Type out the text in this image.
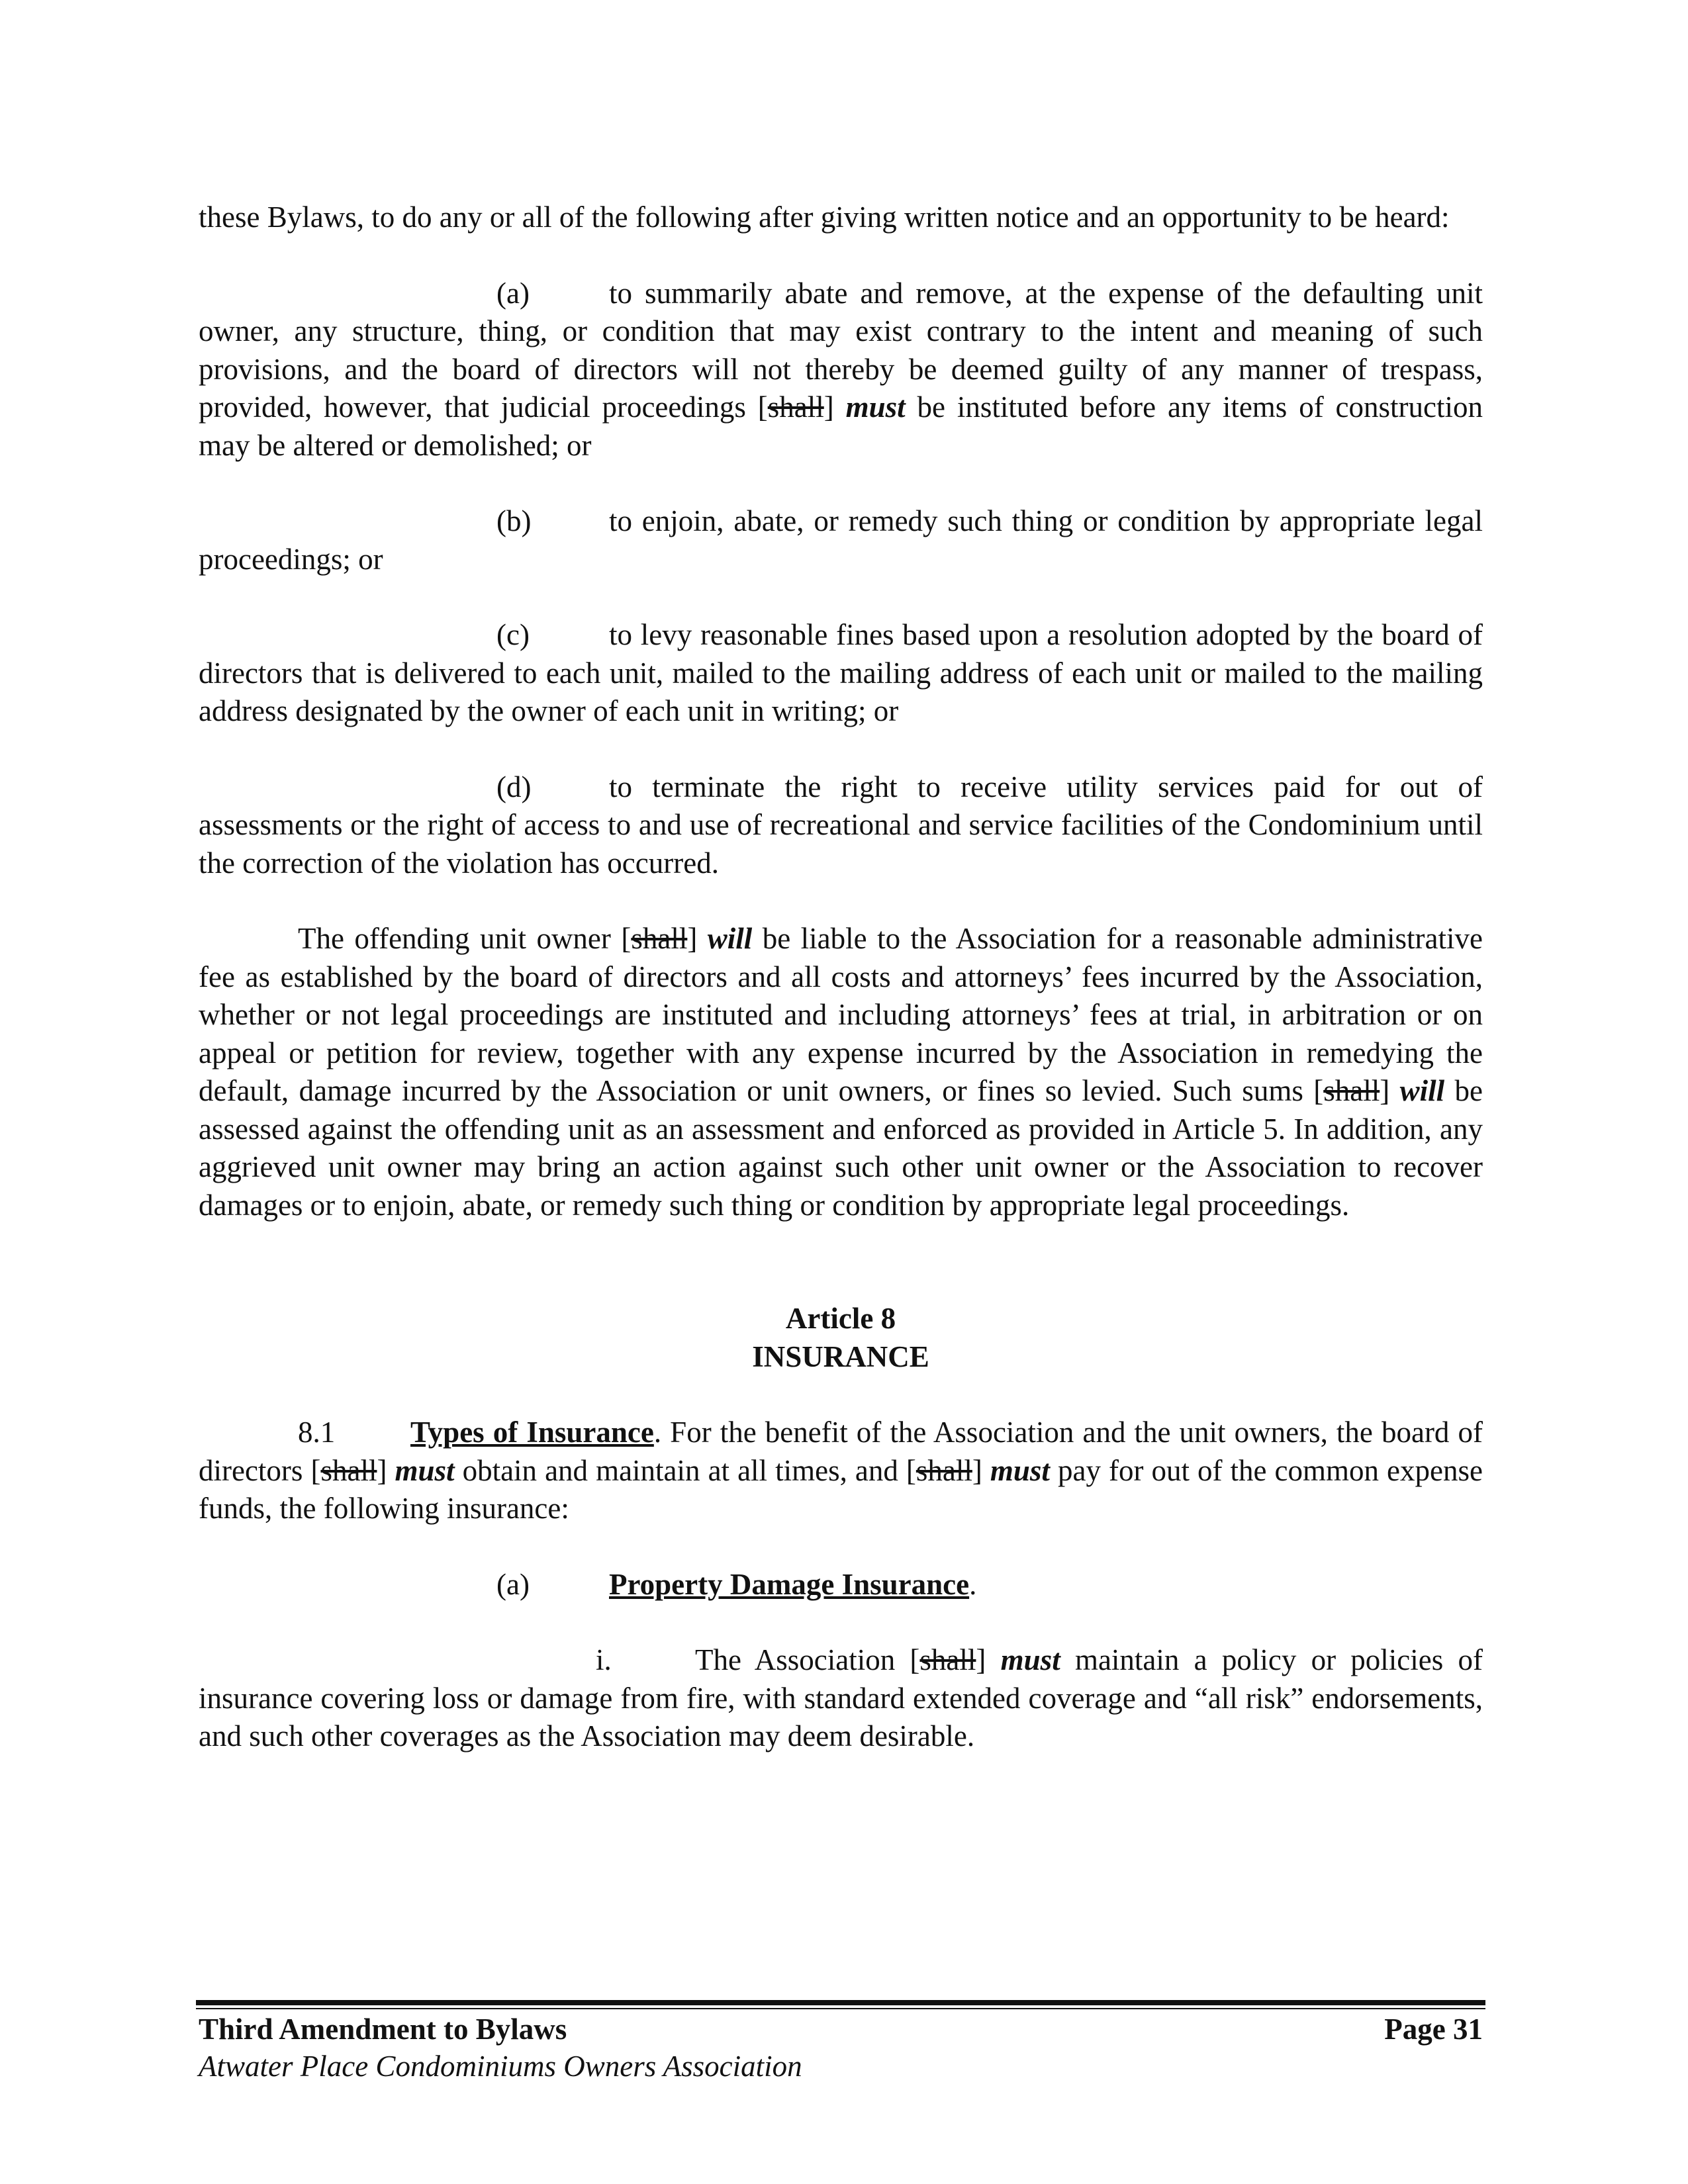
these Bylaws, to do any or all of the following after giving written notice and an opportunity to be heard:

(a)	to summarily abate and remove, at the expense of the defaulting unit owner, any structure, thing, or condition that may exist contrary to the intent and meaning of such provisions, and the board of directors will not thereby be deemed guilty of any manner of trespass, provided, however, that judicial proceedings [shall] must be instituted before any items of construction may be altered or demolished; or

(b)	to enjoin, abate, or remedy such thing or condition by appropriate legal proceedings; or

(c)	to levy reasonable fines based upon a resolution adopted by the board of directors that is delivered to each unit, mailed to the mailing address of each unit or mailed to the mailing address designated by the owner of each unit in writing; or

(d)	to terminate the right to receive utility services paid for out of assessments or the right of access to and use of recreational and service facilities of the Condominium until the correction of the violation has occurred.

The offending unit owner [shall] will be liable to the Association for a reasonable administrative fee as established by the board of directors and all costs and attorneys’ fees incurred by the Association, whether or not legal proceedings are instituted and including attorneys’ fees at trial, in arbitration or on appeal or petition for review, together with any expense incurred by the Association in remedying the default, damage incurred by the Association or unit owners, or fines so levied. Such sums [shall] will be assessed against the offending unit as an assessment and enforced as provided in Article 5. In addition, any aggrieved unit owner may bring an action against such other unit owner or the Association to recover damages or to enjoin, abate, or remedy such thing or condition by appropriate legal proceedings.

Article 8

INSURANCE

8.1	Types of Insurance. For the benefit of the Association and the unit owners, the board of directors [shall] must obtain and maintain at all times, and [shall] must pay for out of the common expense funds, the following insurance:

(a)	Property Damage Insurance.

i.	The Association [shall] must maintain a policy or policies of insurance covering loss or damage from fire, with standard extended coverage and “all risk” endorsements, and such other coverages as the Association may deem desirable.

Third Amendment to Bylaws	Page 31
Atwater Place Condominiums Owners Association
